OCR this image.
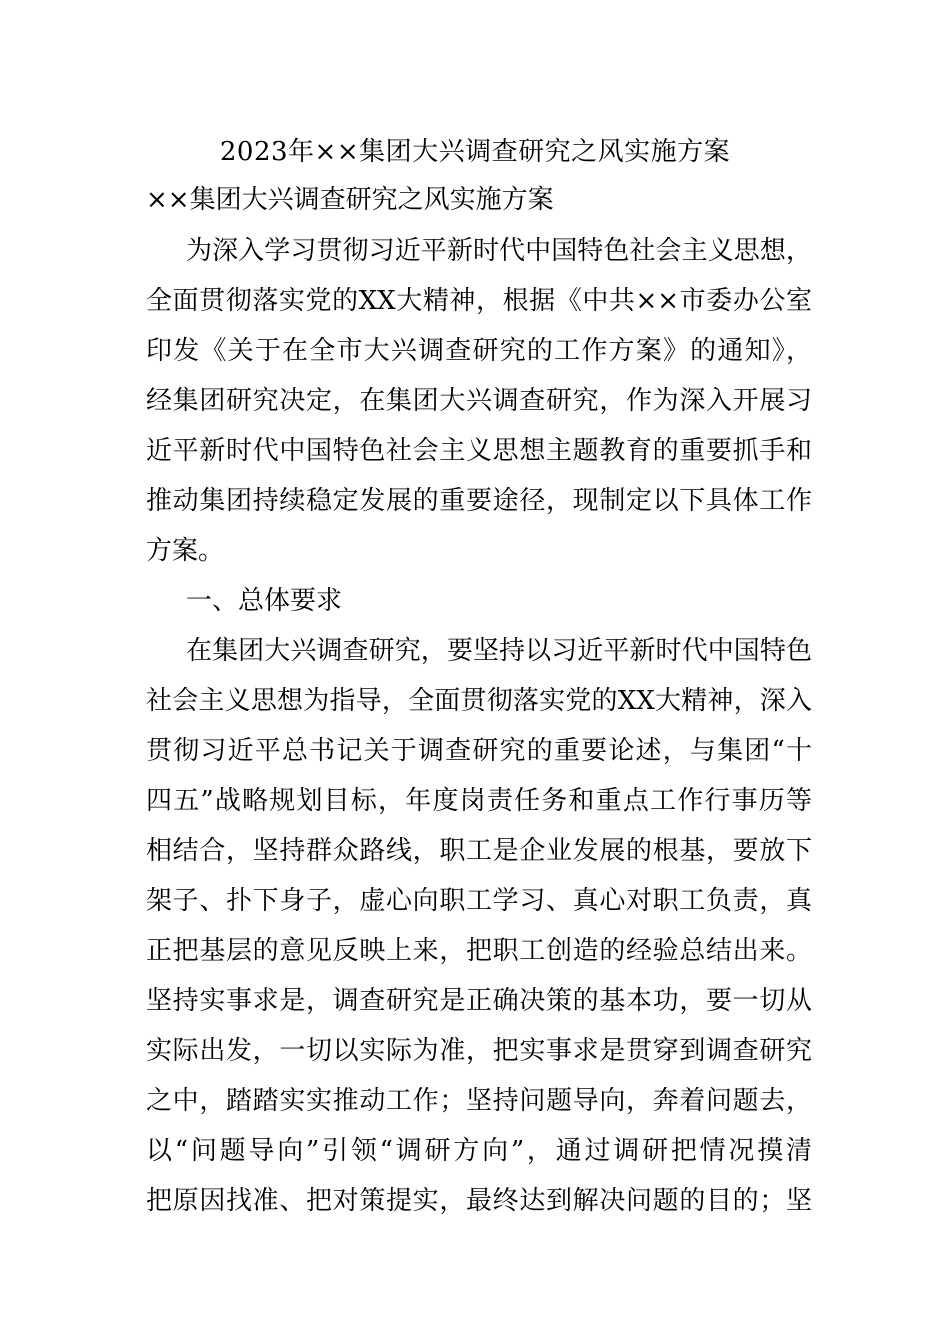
2023年××集团大兴调查研究之风实施方案
××集团大兴调查研究之风实施方案
为深入学习贯彻习近平新时代中国特色社会主义思想，
全面贯彻落实党的XX大精神，根据《中共××市委办公室
印发《关于在全市大兴调查研究的工作方案》的通知》，
经集团研究决定，在集团大兴调查研究，作为深入开展习
近平新时代中国特色社会主义思想主题教育的重要抓手和
推动集团持续稳定发展的重要途径，现制定以下具体工作
方案。
一、总体要求
在集团大兴调查研究，要坚持以习近平新时代中国特色
社会主义思想为指导，全面贯彻落实党的XX大精神，深入
贯彻习近平总书记关于调查研究的重要论述，与集团“十
四五”战略规划目标，年度岗责任务和重点工作行事历等
相结合，坚持群众路线，职工是企业发展的根基，要放下
架子、扑下身子，虚心向职工学习、真心对职工负责，真
正把基层的意见反映上来，把职工创造的经验总结出来。
坚持实事求是，调查研究是正确决策的基本功，要一切从
实际出发，一切以实际为准，把实事求是贯穿到调查研究
之中，踏踏实实推动工作；坚持问题导向，奔着问题去，
以“问题导向”引领“调研方向”，通过调研把情况摸清
把原因找准、把对策提实，最终达到解决问题的目的；坚
